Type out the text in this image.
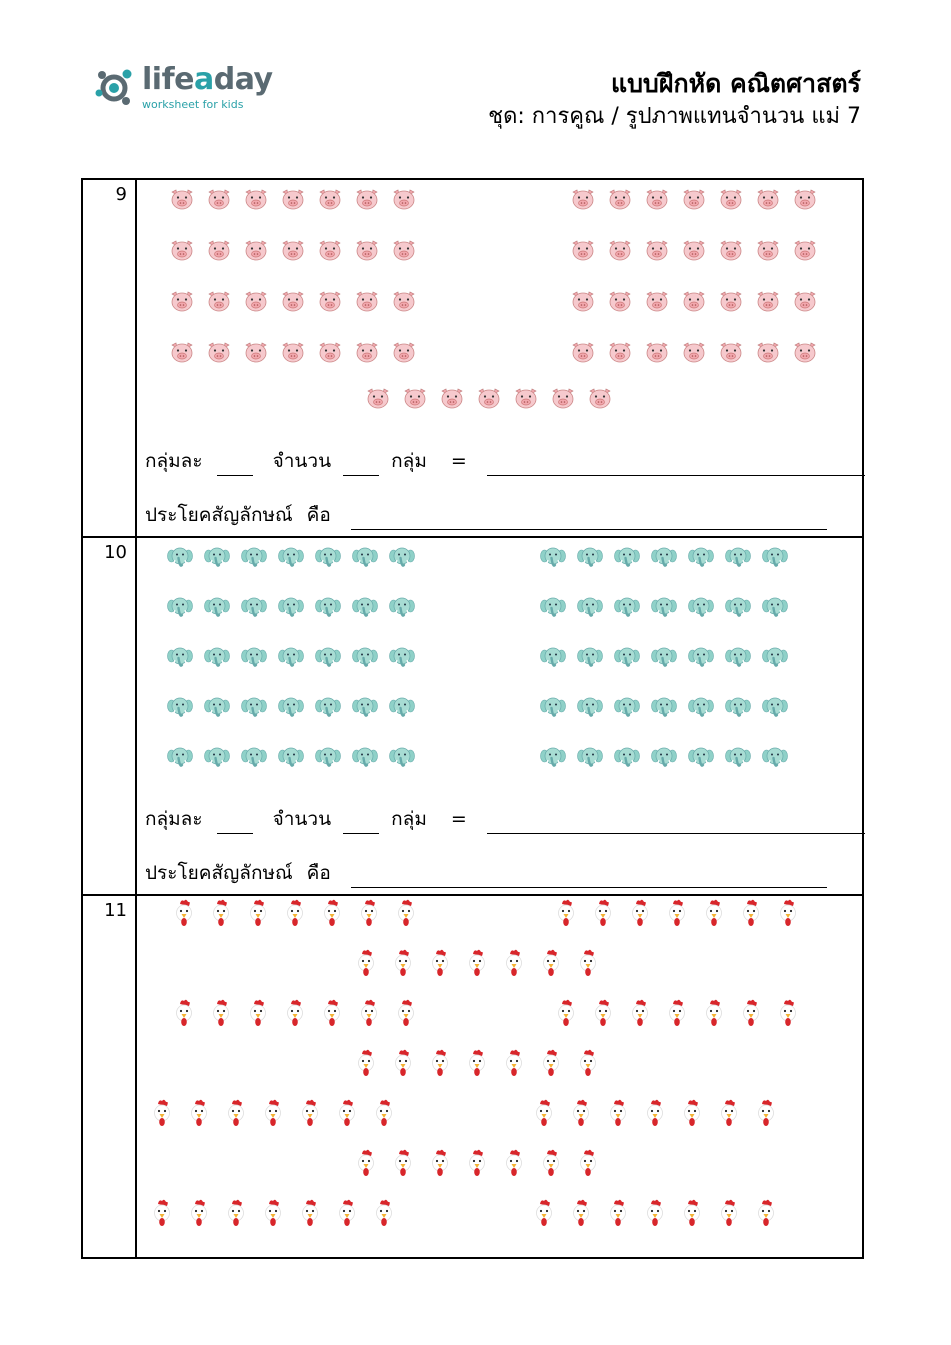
lifeaday
worksheet for kids
แบบฝึกหัด คณิตศาสตร์
ชุด: การคูณ / รูปภาพแทนจำนวน แม่ 7
9
กลุ่มละ	จำนวน	กลุ่ม =
ประโยคสัญลักษณ์ คือ
10
กลุ่มละ	จำนวน	กลุ่ม =
ประโยคสัญลักษณ์ คือ
11
